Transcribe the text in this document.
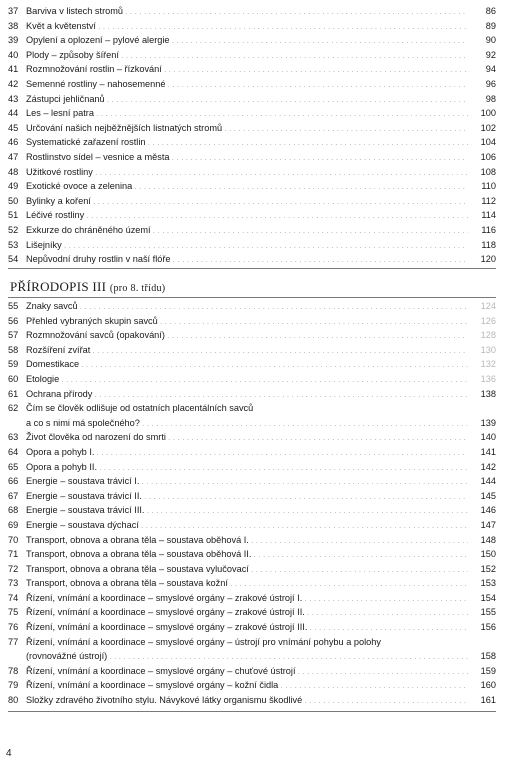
37 Barviva v listech stromů . . .	86
38 Květ a květenství . . .	89
39 Opylení a oplození – pylové alergie . . .	90
40 Plody – způsoby šíření . . .	92
41 Rozmnožování rostlin – řízkování . . .	94
42 Semenné rostliny – nahosemenné . . .	96
43 Zástupci jehličnanů . . .	98
44 Les – lesní patra . . .	100
45 Určování našich nejběžnějších listnatých stromů . . .	102
46 Systematické zařazení rostlin . . .	104
47 Rostlinstvo sídel – vesnice a města . . .	106
48 Užitkové rostliny . . .	108
49 Exotické ovoce a zelenina . . .	110
50 Bylinky a koření . . .	112
51 Léčivé rostliny . . .	114
52 Exkurze do chráněného území . . .	116
53 Lišejníky . . .	118
54 Nepůvodní druhy rostlin v naší flóře . . .	120
PŘÍRODOPIS III (pro 8. třídu)
55 Znaky savců . . .	124
56 Přehled vybraných skupin savců . . .	126
57 Rozmnožování savců (opakování) . . .	128
58 Rozšíření zvířat . . .	130
59 Domestikace . . .	132
60 Etologie . . .	136
61 Ochrana přírody . . .	138
62 Čím se člověk odlišuje od ostatních placentálních savců
a co s nimi má společného? . . .	139
63 Život člověka od narození do smrti . . .	140
64 Opora a pohyb I. . . .	141
65 Opora a pohyb II. . . .	142
66 Energie – soustava trávicí I. . . .	144
67 Energie – soustava trávicí II. . . .	145
68 Energie – soustava trávicí III. . . .	146
69 Energie – soustava dýchací . . .	147
70 Transport, obnova a obrana těla – soustava oběhová I. . . .	148
71 Transport, obnova a obrana těla – soustava oběhová II. . . .	150
72 Transport, obnova a obrana těla – soustava vylučovací . . .	152
73 Transport, obnova a obrana těla – soustava kožní . . .	153
74 Řízení, vnímání a koordinace – smyslové orgány – zrakové ústrojí I. . . .	154
75 Řízení, vnímání a koordinace – smyslové orgány – zrakové ústrojí II. . . .	155
76 Řízení, vnímání a koordinace – smyslové orgány – zrakové ústrojí III. . . .	156
77 Řízení, vnímání a koordinace – smyslové orgány – ústrojí pro vnímání pohybu a polohy
(rovnovážné ústrojí) . . .	158
78 Řízení, vnímání a koordinace – smyslové orgány – chuťové ústrojí . . .	159
79 Řízení, vnímání a koordinace – smyslové orgány – kožní čidla . . .	160
80 Složky zdravého životního stylu. Návykové látky organismu škodlivé . . .	161
4
